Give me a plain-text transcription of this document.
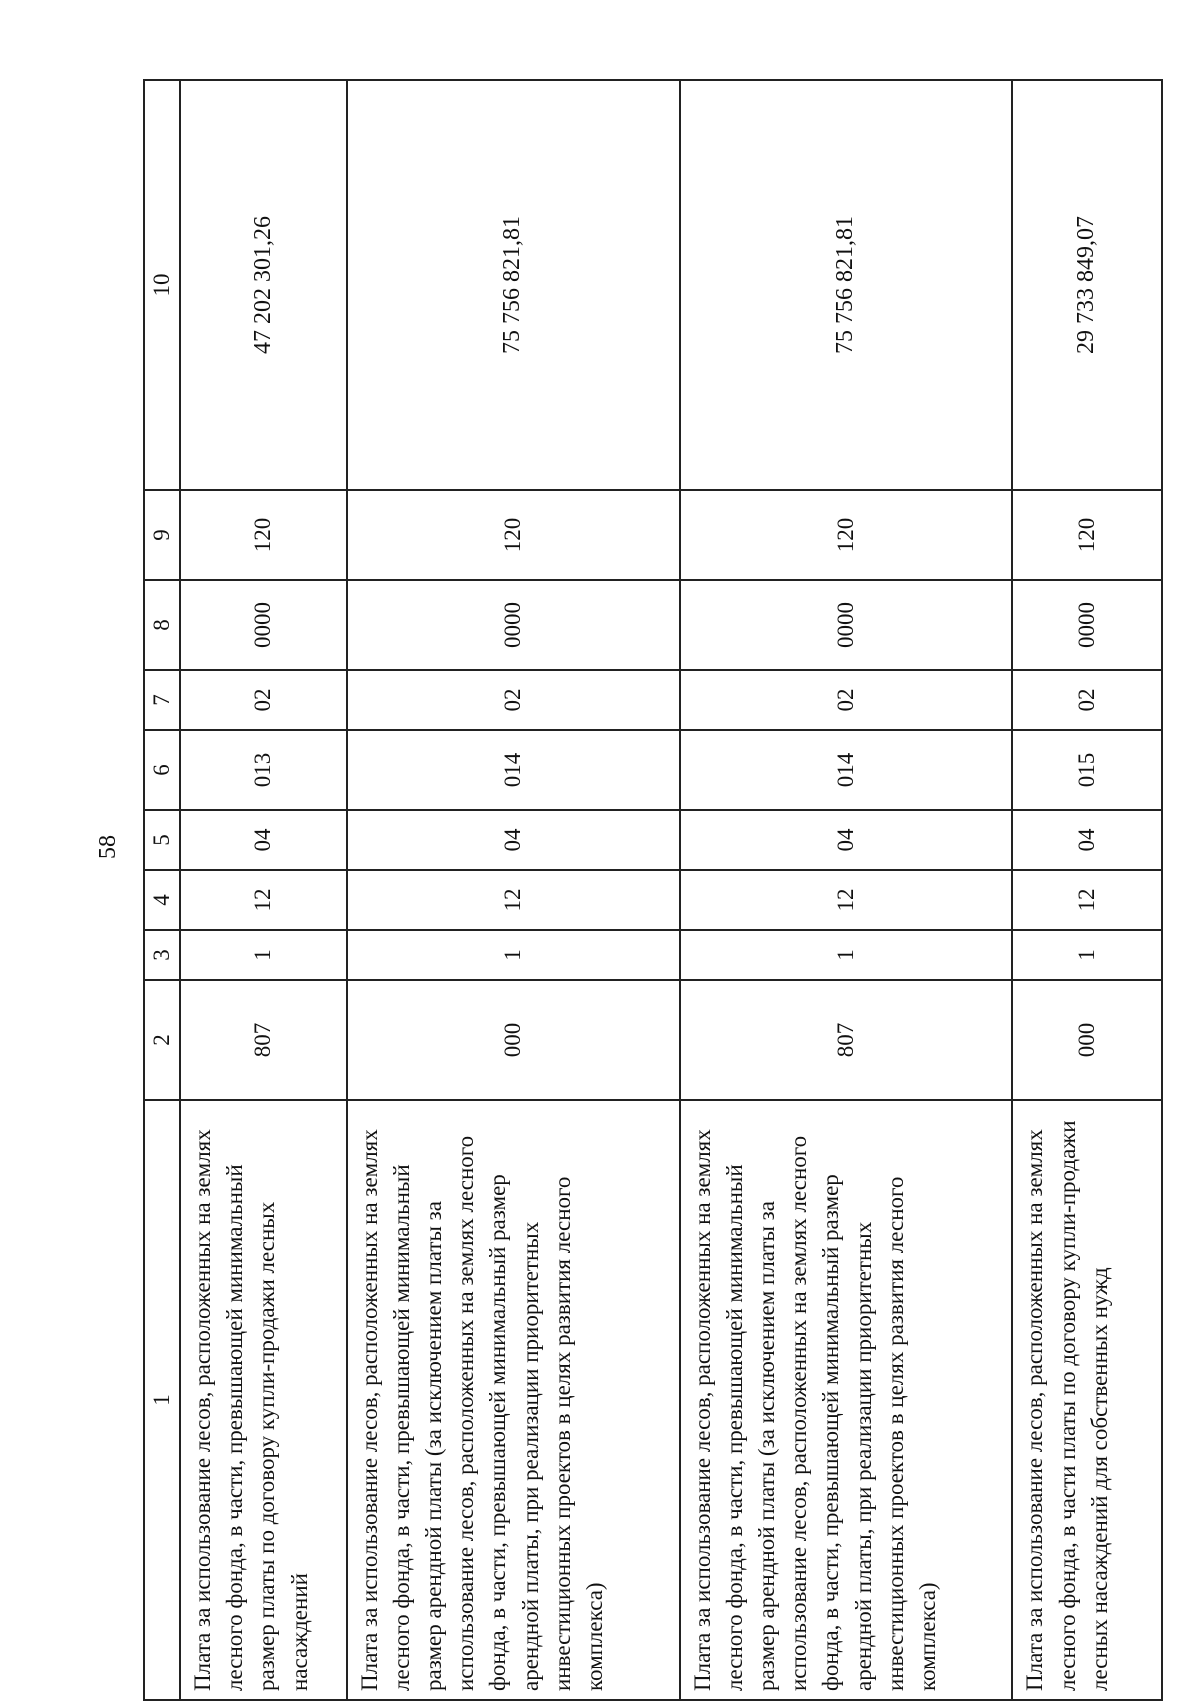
58
1	2	3	4	5	6	7	8	9	10
Плата за использование лесов, расположенных на землях лесного фонда, в части, превышающей минимальный размер платы по договору купли-продажи лесных насаждений	807	1	12	04	013	02	0000	120	47 202 301,26
Плата за использование лесов, расположенных на землях лесного фонда, в части, превышающей минимальный размер арендной платы (за исключением платы за использование лесов, расположенных на землях лесного фонда, в части, превышающей минимальный размер арендной платы, при реализации приоритетных инвестиционных проектов в целях развития лесного комплекса)	000	1	12	04	014	02	0000	120	75 756 821,81
Плата за использование лесов, расположенных на землях лесного фонда, в части, превышающей минимальный размер арендной платы (за исключением платы за использование лесов, расположенных на землях лесного фонда, в части, превышающей минимальный размер арендной платы, при реализации приоритетных инвестиционных проектов в целях развития лесного комплекса)	807	1	12	04	014	02	0000	120	75 756 821,81
Плата за использование лесов, расположенных на землях лесного фонда, в части платы по договору купли-продажи лесных насаждений для собственных нужд	000	1	12	04	015	02	0000	120	29 733 849,07
